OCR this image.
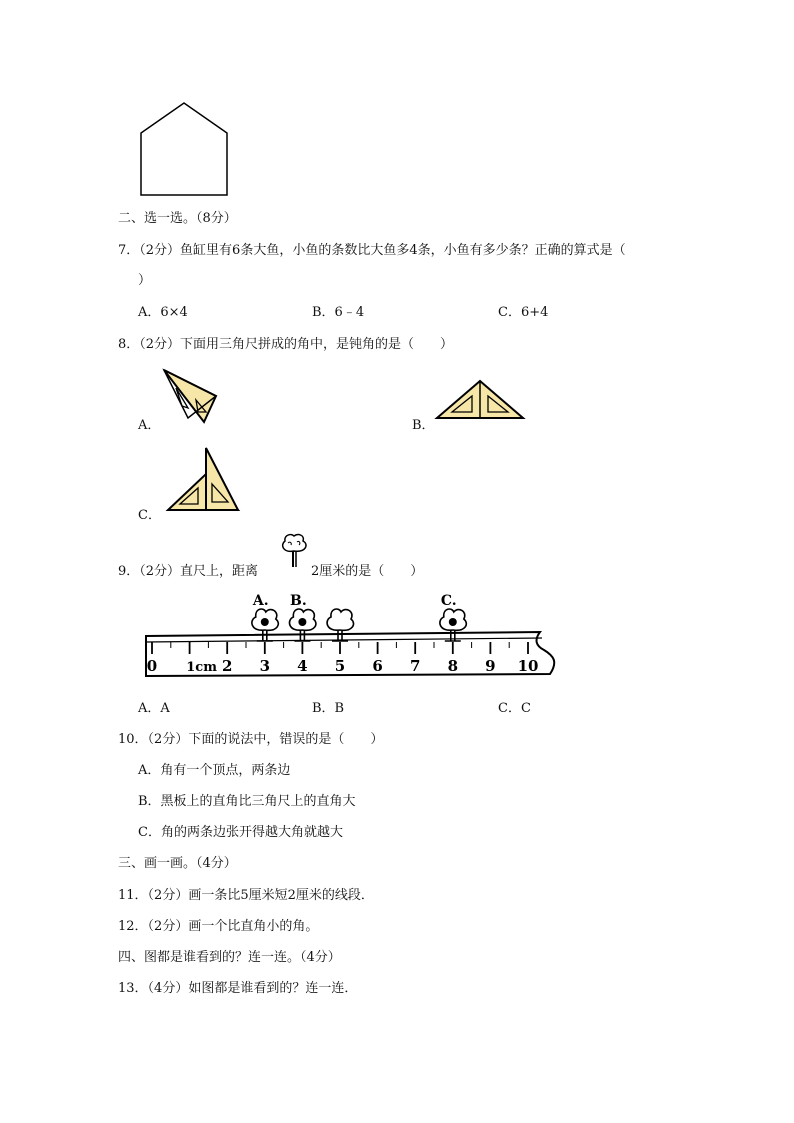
二、选一选。（8分）
7．（2分）鱼缸里有6条大鱼，小鱼的条数比大鱼多4条，小鱼有多少条？正确的算式是（
）
A．6×4	B．6﹣4	C．6+4
8．（2分）下面用三角尺拼成的角中，是钝角的是（　　）
A．	B．
C．
9．（2分）直尺上，距离	2厘米的是（　　）
0 1cm 2 3 4 5 6 7 8 9 10
A. B.	C.
A．A	B．B	C．C
10．（2分）下面的说法中，错误的是（　　）
A．角有一个顶点，两条边
B．黑板上的直角比三角尺上的直角大
C．角的两条边张开得越大角就越大
三、画一画。（4分）
11．（2分）画一条比5厘米短2厘米的线段．
12．（2分）画一个比直角小的角。
四、图都是谁看到的？连一连。（4分）
13．（4分）如图都是谁看到的？连一连．
